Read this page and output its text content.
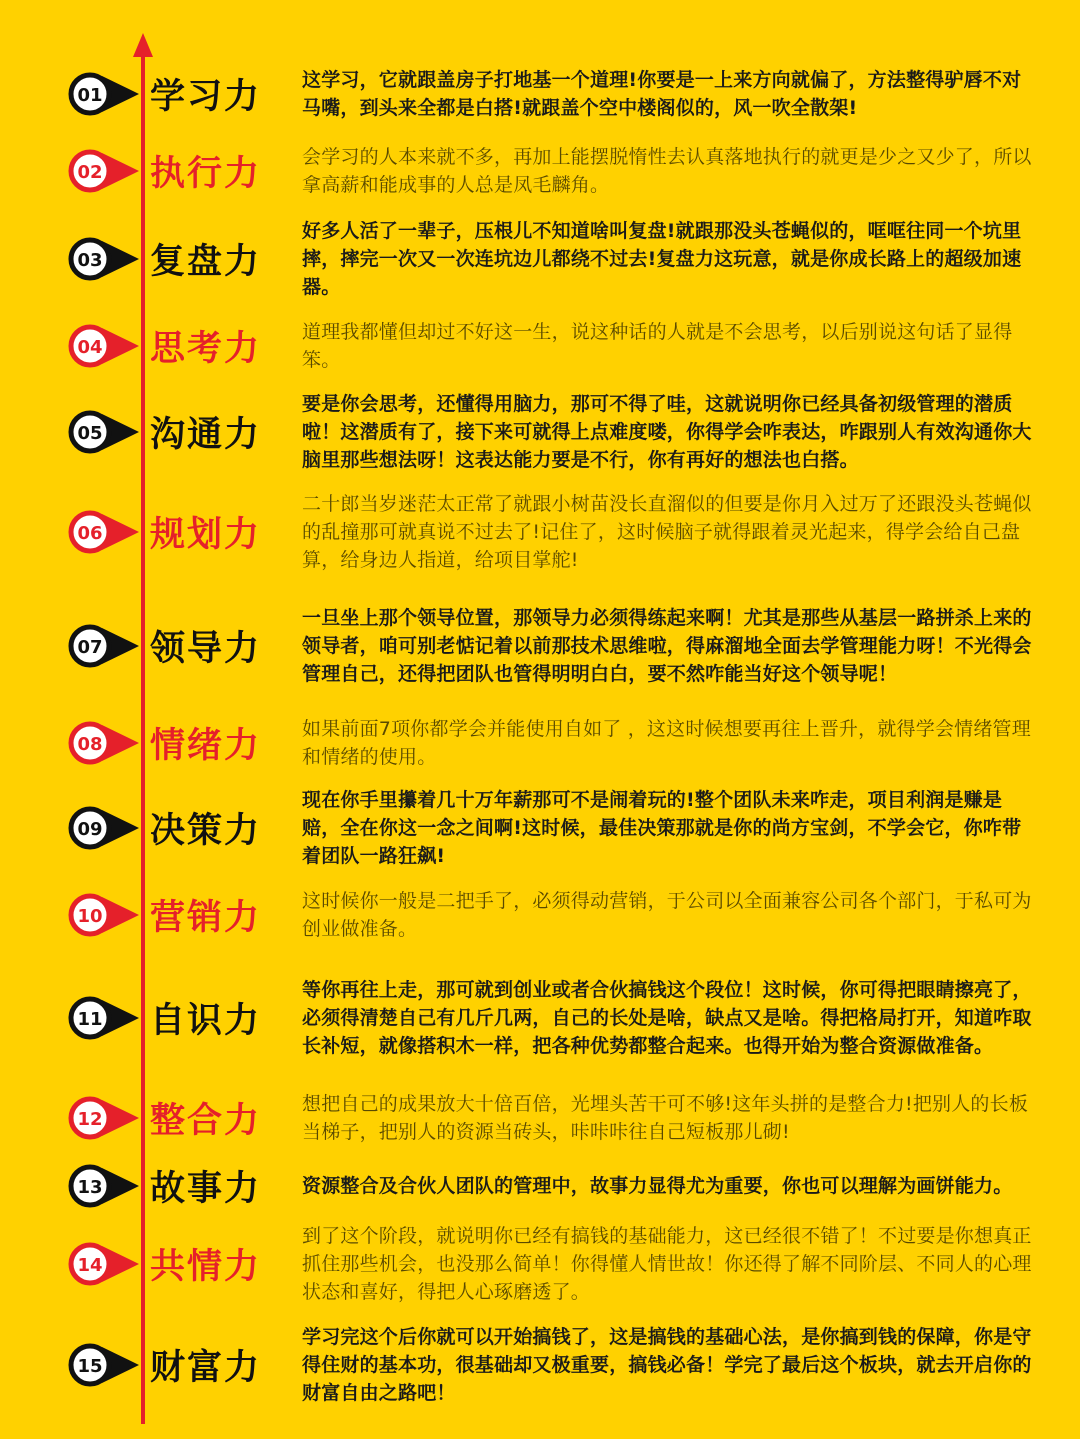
01 学习力 这学习，它就跟盖房子打地基一个道理!你要是一上来方向就偏了，方法整得驴唇不对马嘴，到头来全都是白搭!就跟盖个空中楼阁似的，风一吹全散架!
02 执行力 会学习的人本来就不多，再加上能摆脱惰性去认真落地执行的就更是少之又少了，所以拿高薪和能成事的人总是凤毛麟角。
03 复盘力
好多人活了一辈子，压根儿不知道啥叫复盘!就跟那没头苍蝇似的，哐哐往同一个坑里摔，摔完一次又一次连坑边儿都绕不过去!复盘力这玩意，就是你成长路上的超级加速器。
04 思考力 道理我都懂但却过不好这一生，说这种话的人就是不会思考，以后别说这句话了显得笨。
05 沟通力
要是你会思考，还懂得用脑力，那可不得了哇，这就说明你已经具备初级管理的潜质啦！这潜质有了，接下来可就得上点难度喽，你得学会咋表达，咋跟别人有效沟通你大脑里那些想法呀！这表达能力要是不行，你有再好的想法也白搭。
06 规划力
二十郎当岁迷茫太正常了就跟小树苗没长直溜似的但要是你月入过万了还跟没头苍蝇似的乱撞那可就真说不过去了!记住了，这时候脑子就得跟着灵光起来，得学会给自己盘算，给身边人指道，给项目掌舵!
07 领导力
一旦坐上那个领导位置，那领导力必须得练起来啊！尤其是那些从基层一路拼杀上来的领导者，咱可别老惦记着以前那技术思维啦，得麻溜地全面去学管理能力呀！不光得会管理自己，还得把团队也管得明明白白，要不然咋能当好这个领导呢！
08 情绪力 如果前面7项你都学会并能使用自如了 ，这这时候想要再往上晋升，就得学会情绪管理和情绪的使用。
09 决策力
现在你手里攥着几十万年薪那可不是闹着玩的!整个团队未来咋走，项目利润是赚是赔，全在你这一念之间啊!这时候，最佳决策那就是你的尚方宝剑，不学会它，你咋带着团队一路狂飙!
10 营销力 这时候你一般是二把手了，必须得动营销，于公司以全面兼容公司各个部门，于私可为创业做准备。
11 自识力
等你再往上走，那可就到创业或者合伙搞钱这个段位！这时候，你可得把眼睛擦亮了，必须得清楚自己有几斤几两，自己的长处是啥，缺点又是啥。得把格局打开，知道咋取长补短，就像搭积木一样，把各种优势都整合起来。也得开始为整合资源做准备。
12 整合力 想把自己的成果放大十倍百倍，光埋头苦干可不够!这年头拼的是整合力!把别人的长板当梯子，把别人的资源当砖头，咔咔咔往自己短板那儿砌!
13 故事力 资源整合及合伙人团队的管理中，故事力显得尤为重要，你也可以理解为画饼能力。
14 共情力
到了这个阶段，就说明你已经有搞钱的基础能力，这已经很不错了！不过要是你想真正抓住那些机会，也没那么简单！你得懂人情世故！你还得了解不同阶层、不同人的心理状态和喜好，得把人心琢磨透了。
15 财富力
学习完这个后你就可以开始搞钱了，这是搞钱的基础心法，是你搞到钱的保障，你是守得住财的基本功，很基础却又极重要，搞钱必备！学完了最后这个板块，就去开启你的财富自由之路吧！
